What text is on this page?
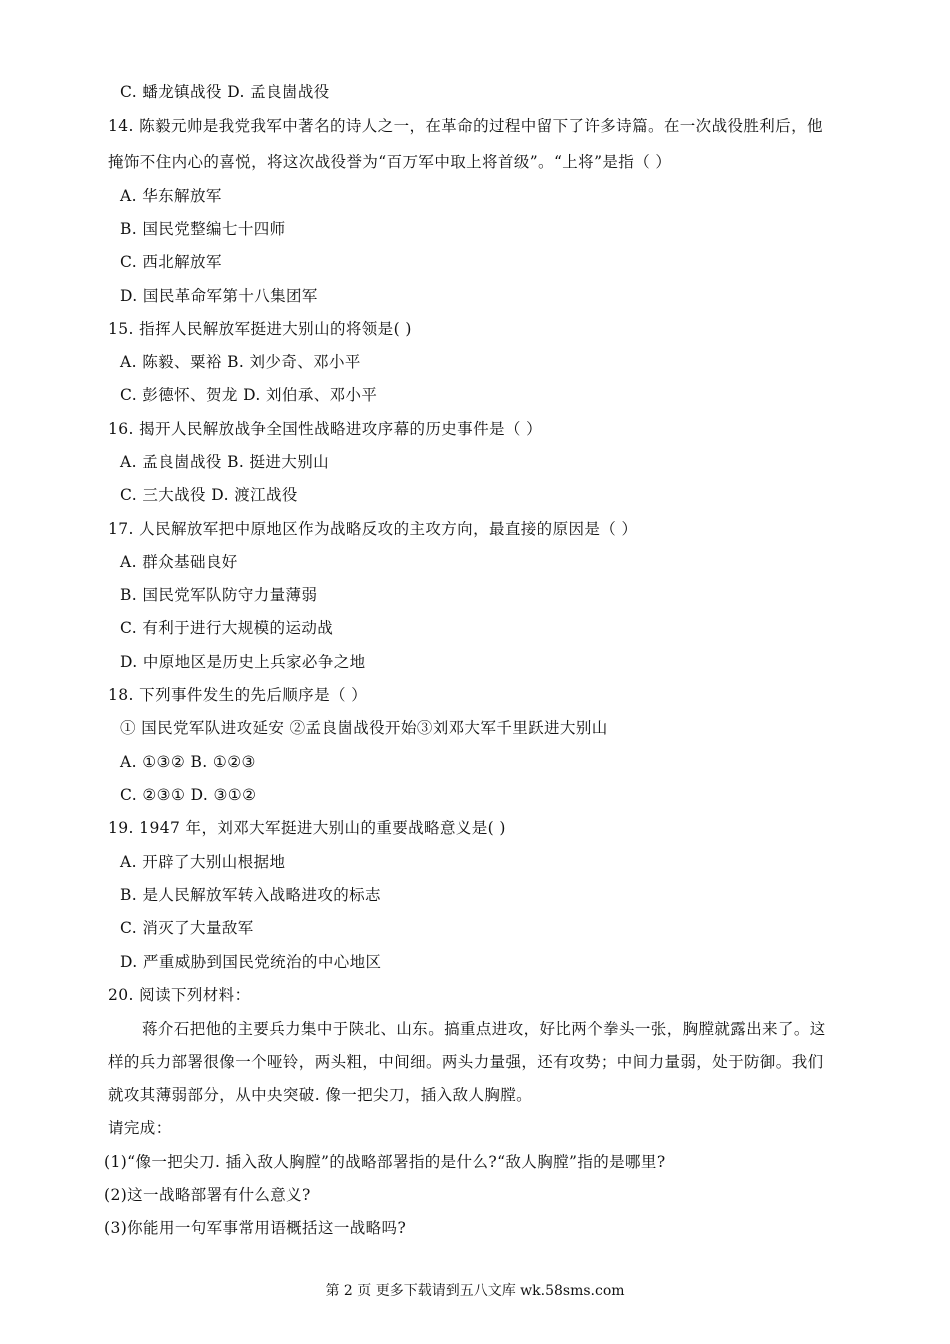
C. 蟠龙镇战役 D. 孟良崮战役
14. 陈毅元帅是我党我军中著名的诗人之一，在革命的过程中留下了许多诗篇。在一次战役胜利后，他
掩饰不住内心的喜悦，将这次战役誉为“百万军中取上将首级”。“上将”是指（ ）
A. 华东解放军
B. 国民党整编七十四师
C. 西北解放军
D. 国民革命军第十八集团军
15. 指挥人民解放军挺进大别山的将领是( )
A. 陈毅、粟裕 B. 刘少奇、邓小平
C. 彭德怀、贺龙 D. 刘伯承、邓小平
16. 揭开人民解放战争全国性战略进攻序幕的历史事件是（ ）
A. 孟良崮战役 B. 挺进大别山
C. 三大战役 D. 渡江战役
17. 人民解放军把中原地区作为战略反攻的主攻方向，最直接的原因是（ ）
A. 群众基础良好
B. 国民党军队防守力量薄弱
C. 有利于进行大规模的运动战
D. 中原地区是历史上兵家必争之地
18. 下列事件发生的先后顺序是（ ）
① 国民党军队进攻延安 ②孟良崮战役开始③刘邓大军千里跃进大别山
A. ①③② B. ①②③
C. ②③① D. ③①②
19. 1947 年，刘邓大军挺进大别山的重要战略意义是( )
A. 开辟了大别山根据地
B. 是人民解放军转入战略进攻的标志
C. 消灭了大量敌军
D. 严重威胁到国民党统治的中心地区
20. 阅读下列材料：
蒋介石把他的主要兵力集中于陕北、山东。搞重点进攻，好比两个拳头一张，胸膛就露出来了。这
样的兵力部署很像一个哑铃，两头粗，中间细。两头力量强，还有攻势；中间力量弱，处于防御。我们
就攻其薄弱部分，从中央突破. 像一把尖刀，插入敌人胸膛。
请完成：
(1)“像一把尖刀. 插入敌人胸膛”的战略部署指的是什么?“敌人胸膛”指的是哪里?
(2)这一战略部署有什么意义?
(3)你能用一句军事常用语概括这一战略吗?
第 2 页 更多下载请到五八文库 wk.58sms.com
